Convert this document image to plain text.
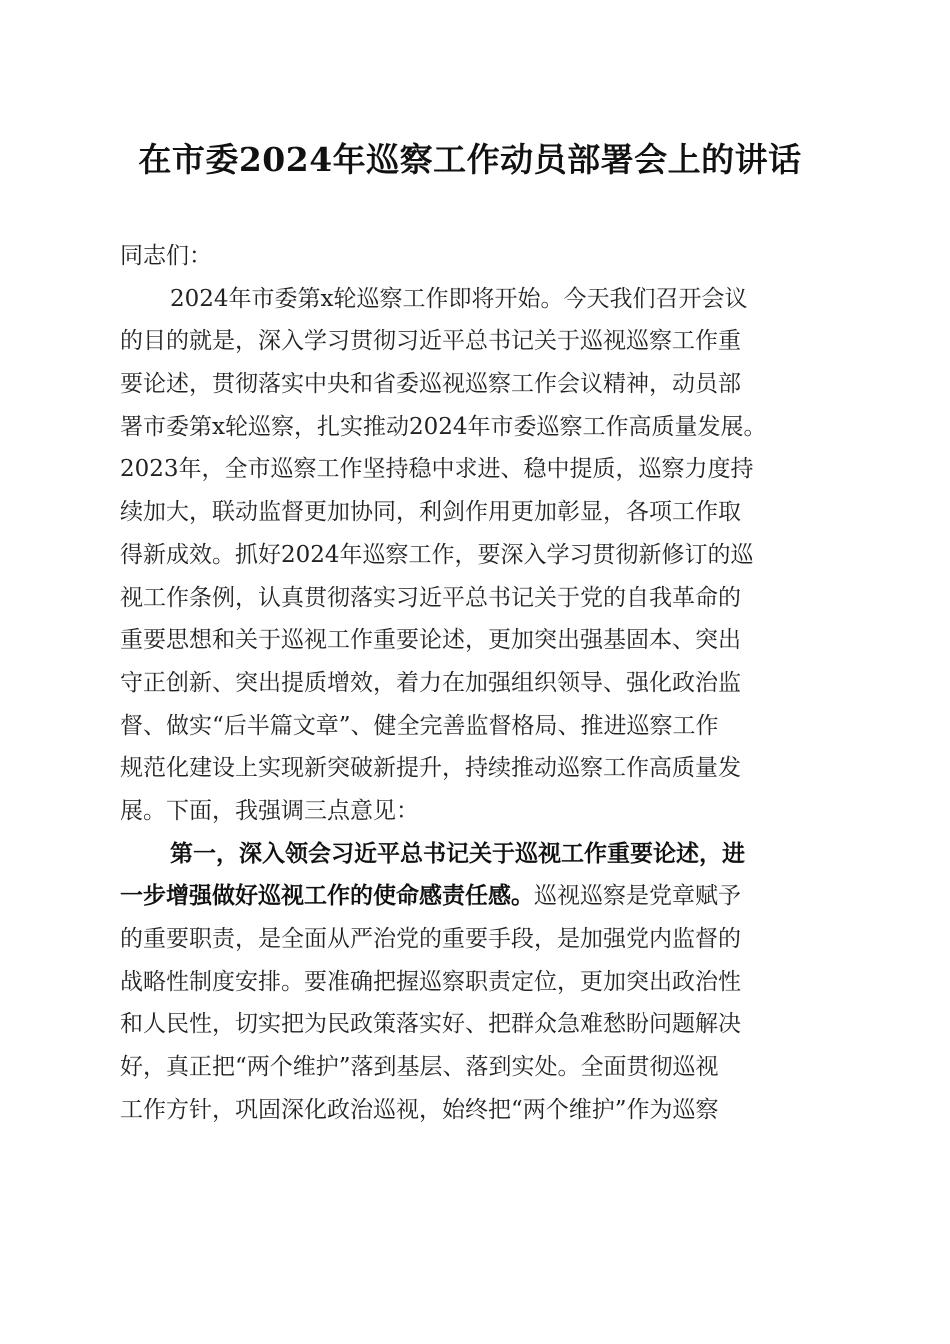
在市委2024年巡察工作动员部署会上的讲话
同志们：
2024年市委第x轮巡察工作即将开始。今天我们召开会议
的目的就是，深入学习贯彻习近平总书记关于巡视巡察工作重
要论述，贯彻落实中央和省委巡视巡察工作会议精神，动员部
署市委第x轮巡察，扎实推动2024年市委巡察工作高质量发展。
2023年，全市巡察工作坚持稳中求进、稳中提质，巡察力度持
续加大，联动监督更加协同，利剑作用更加彰显，各项工作取
得新成效。抓好2024年巡察工作，要深入学习贯彻新修订的巡
视工作条例，认真贯彻落实习近平总书记关于党的自我革命的
重要思想和关于巡视工作重要论述，更加突出强基固本、突出
守正创新、突出提质增效，着力在加强组织领导、强化政治监
督、做实“后半篇文章”、健全完善监督格局、推进巡察工作
规范化建设上实现新突破新提升，持续推动巡察工作高质量发
展。下面，我强调三点意见：
第一，深入领会习近平总书记关于巡视工作重要论述，进
一步增强做好巡视工作的使命感责任感。巡视巡察是党章赋予
的重要职责，是全面从严治党的重要手段，是加强党内监督的
战略性制度安排。要准确把握巡察职责定位，更加突出政治性
和人民性，切实把为民政策落实好、把群众急难愁盼问题解决
好，真正把“两个维护”落到基层、落到实处。全面贯彻巡视
工作方针，巩固深化政治巡视，始终把“两个维护”作为巡察
